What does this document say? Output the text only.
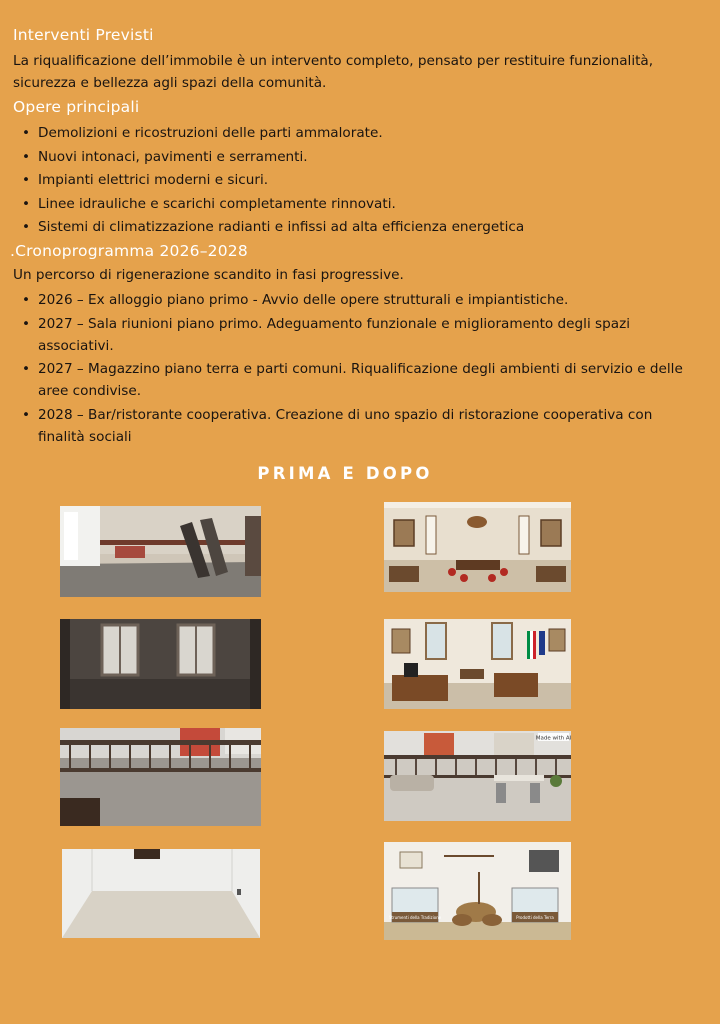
Interventi Previsti
La riqualificazione dell’immobile è un intervento completo, pensato per restituire funzionalità, sicurezza e bellezza agli spazi della comunità.
Opere principali
• Demolizioni e ricostruzioni delle parti ammalorate.
• Nuovi intonaci, pavimenti e serramenti.
• Impianti elettrici moderni e sicuri.
• Linee idrauliche e scarichi completamente rinnovati.
• Sistemi di climatizzazione radianti e infissi ad alta efficienza energetica
.Cronoprogramma 2026–2028
Un percorso di rigenerazione scandito in fasi progressive.
• 2026 – Ex alloggio piano primo - Avvio delle opere strutturali e impiantistiche.
• 2027 – Sala riunioni piano primo. Adeguamento funzionale e miglioramento degli spazi associativi.
• 2027 – Magazzino piano terra e parti comuni. Riqualificazione degli ambienti di servizio e delle aree condivise.
• 2028 – Bar/ristorante cooperativa. Creazione di uno spazio di ristorazione cooperativa con finalità sociali
PRIMA E DOPO
Made with AI
Strumenti della Tradizione	Prodotti della Terra
